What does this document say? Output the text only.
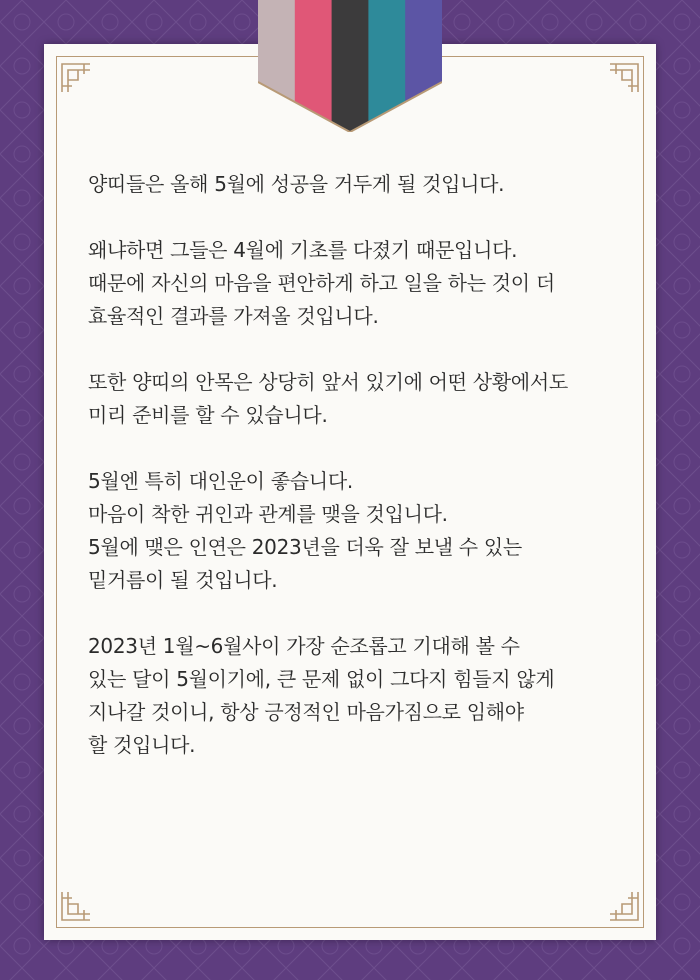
양띠들은 올해 5월에 성공을 거두게 될 것입니다.

왜냐하면 그들은 4월에 기초를 다졌기 때문입니다.
때문에 자신의 마음을 편안하게 하고 일을 하는 것이 더
효율적인 결과를 가져올 것입니다.

또한 양띠의 안목은 상당히 앞서 있기에 어떤 상황에서도
미리 준비를 할 수 있습니다.

5월엔 특히 대인운이 좋습니다.
마음이 착한 귀인과 관계를 맺을 것입니다.
5월에 맺은 인연은 2023년을 더욱 잘 보낼 수 있는
밑거름이 될 것입니다.

2023년 1월~6월사이 가장 순조롭고 기대해 볼 수
있는 달이 5월이기에, 큰 문제 없이 그다지 힘들지 않게
지나갈 것이니, 항상 긍정적인 마음가짐으로 임해야
할 것입니다.
